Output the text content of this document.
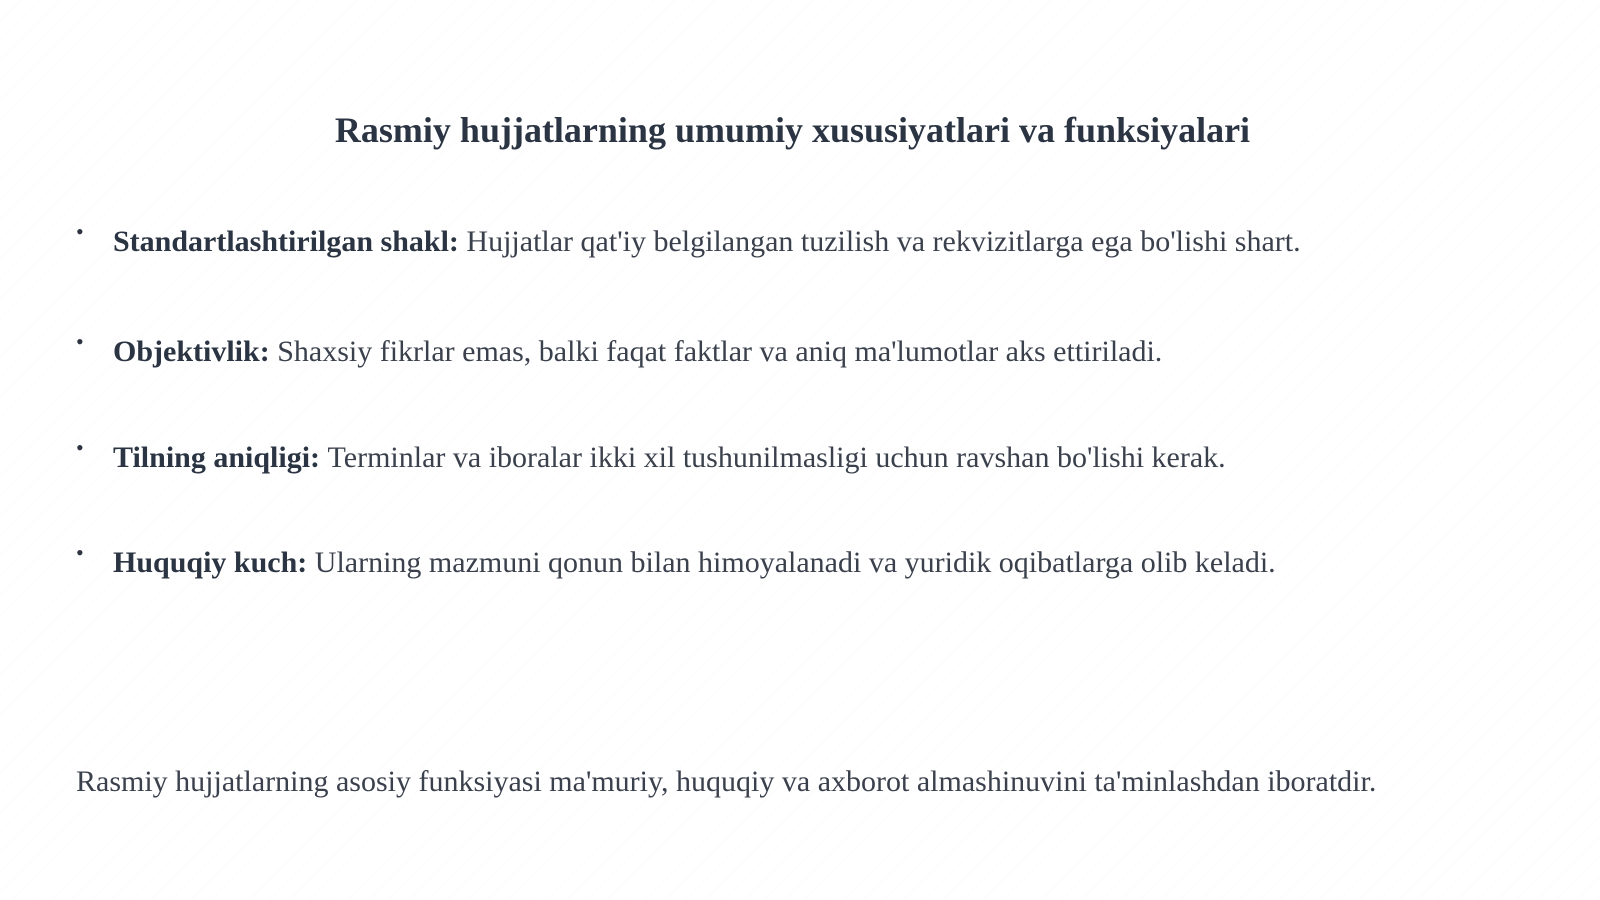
Rasmiy hujjatlarning umumiy xususiyatlari va funksiyalari
• Standartlashtirilgan shakl: Hujjatlar qat'iy belgilangan tuzilish va rekvizitlarga ega bo'lishi shart.
• Objektivlik: Shaxsiy fikrlar emas, balki faqat faktlar va aniq ma'lumotlar aks ettiriladi.
• Tilning aniqligi: Terminlar va iboralar ikki xil tushunilmasligi uchun ravshan bo'lishi kerak.
• Huquqiy kuch: Ularning mazmuni qonun bilan himoyalanadi va yuridik oqibatlarga olib keladi.
Rasmiy hujjatlarning asosiy funksiyasi ma'muriy, huquqiy va axborot almashinuvini ta'minlashdan iboratdir.
